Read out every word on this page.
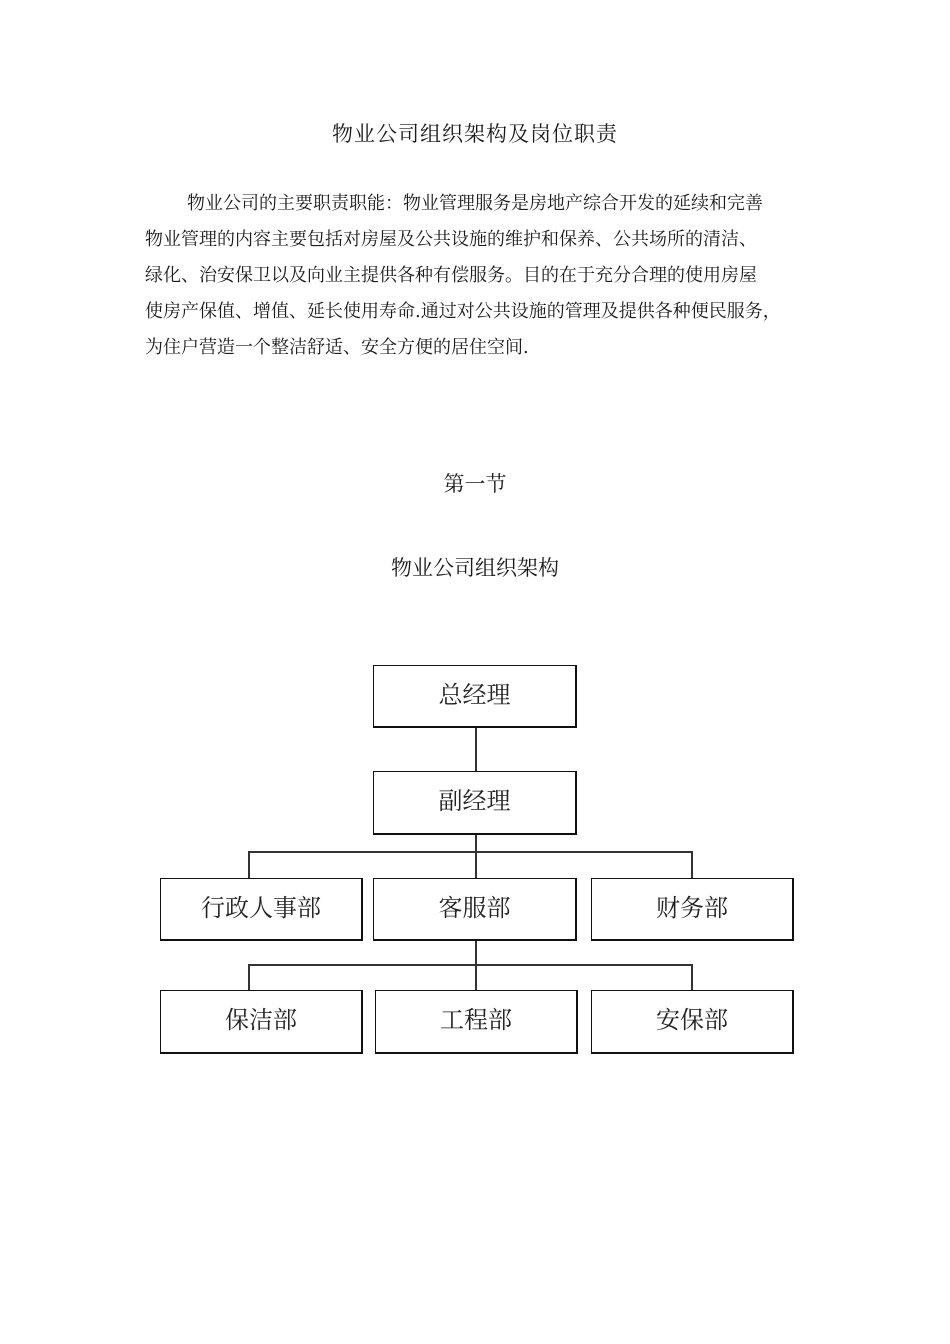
物业公司组织架构及岗位职责
物业公司的主要职责职能：物业管理服务是房地产综合开发的延续和完善
物业管理的内容主要包括对房屋及公共设施的维护和保养、公共场所的清洁、
绿化、治安保卫以及向业主提供各种有偿服务。目的在于充分合理的使用房屋
使房产保值、增值、延长使用寿命.通过对公共设施的管理及提供各种便民服务，
为住户营造一个整洁舒适、安全方便的居住空间.
第一节
物业公司组织架构
总经理
副经理
行政人事部	客服部	财务部
保洁部	工程部	安保部
